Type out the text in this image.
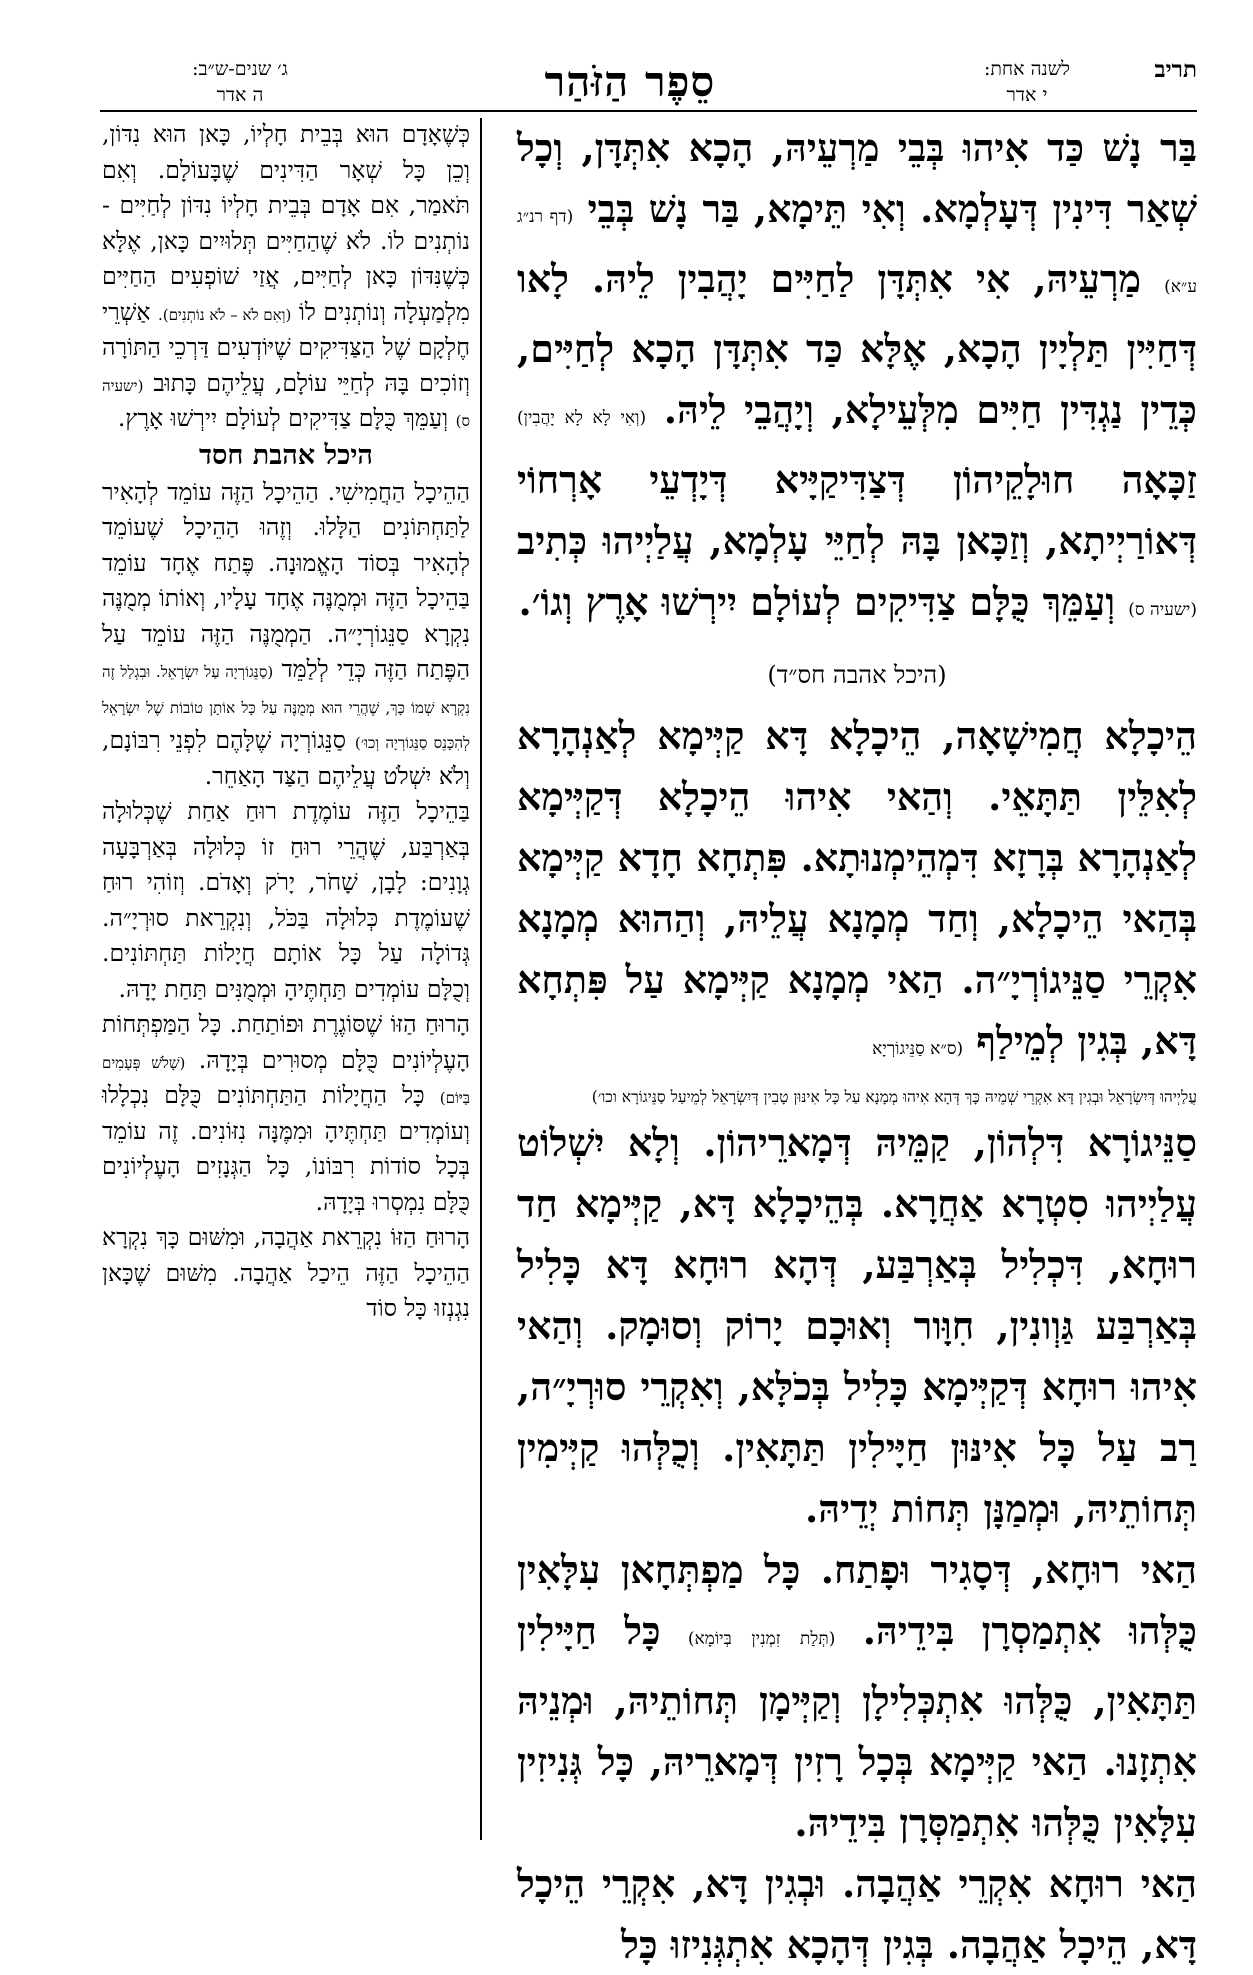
תריב
לשנה אחת:
י אדר
סֵפֶר הַזֹּהַר
ג׳ שנים-ש״ב:
ה אדר

בַּר נָשׁ כַּד אִיהוּ בְּבֵי מַרְעֵיהּ, הָכָא אִתְּדָּן, וְכָל שְׁאַר דִּינִין דְּעָלְמָא. וְאִי תֵּימָא, בַּר נָשׁ בְּבֵי (דף רנ״ג ע״א) מַרְעֵיהּ, אִי אִתְּדָּן לַחַיִּים יָהֲבִין לֵיהּ. לָאו דְּחַיִּין תַּלְיָין הָכָא, אֶלָּא כַּד אִתְּדָּן הָכָא לְחַיִּים, כְּדֵין נַגְדִּין חַיִּים מִלְּעֵילָא, וְיָהֲבֵי לֵיהּ. (וְאִי לָא לָא יָהֲבִין) זַכָּאָה חוּלָקֵיהוֹן דְּצַדִּיקַיָּיא דְּיָדְעֵי אָרְחוֹי דְּאוֹרַיְיתָא, וְזַכָּאן בָּהּ לְחַיֵּי עָלְמָא, עֲלַיְיהוּ כְּתִיב (ישעיה ס) וְעַמֵּךְ כֻּלָּם צַדִּיקִים לְעוֹלָם יִירְשׁוּ אָרֶץ וְגוֹ׳.

(היכל אהבה חס״ד)

הֵיכָלָא חֲמִישָׁאָה, הֵיכָלָא דָּא קַיְּימָא לְאַנְהָרָא לְאִלֵּין תַּתָּאֵי. וְהַאי אִיהוּ הֵיכָלָא דְּקַיְּימָא לְאַנְהָרָא בְּרָזָא דִּמְהֵימְנוּתָא. פִּתְחָא חָדָא קַיְּימָא בְּהַאי הֵיכָלָא, וְחַד מְמָנָא עֲלֵיהּ, וְהַהוּא מְמָנָא אִקְרֵי סַנֵּיגוֹרְיָ״ה. הַאי מְמָנָא קַיְּימָא עַל פִּתְחָא דָּא, בְּגִין לְמֵילַף (ס״א סַנֵּיגוֹרְיָא

עֲלַיְיהוּ דְּיִשְׂרָאֵל וּבְגִין דָּא אִקְרֵי שְׁמֵיהּ כָּךְ דְּהָא אִיהוּ מְמָנָא עַל כָּל אִינּוּן טָבִין דְּיִשְׂרָאֵל לְמֵיעַל סַנֵּיגוֹרָא וכו׳)

סַנֵּיגוֹרָא דִּלְהוֹן, קַמֵּיהּ דְּמָארֵיהוֹן. וְלָא יִשְׁלוֹט עֲלַיְיהוּ סִטְרָא אַחֲרָא. בְּהֵיכָלָא דָּא, קַיְּימָא חַד רוּחָא, דִּכְלִיל בְּאַרְבַּע, דְּהָא רוּחָא דָּא כָּלִיל בְּאַרְבַּע גַּוְונִין, חִוָּור וְאוּכָם יָרוֹק וְסוּמָק. וְהַאי אִיהוּ רוּחָא דְּקַיְּימָא כָּלִיל בְּכֹלָּא, וְאִקְרֵי סוּרְיָ״ה, רַב עַל כָּל אִינּוּן חַיָּילִין תַּתָּאִין. וְכֻלְּהוּ קַיְּימִין תְּחוֹתֵיהּ, וּמְמַנָּן תְּחוֹת יְדֵיהּ.

הַאי רוּחָא, דְּסָגִיר וּפָתַח. כָּל מַפְתְּחָאן עִלָּאִין כֻּלְּהוּ אִתְמַסְרָן בִּידֵיהּ. (תְּלַת זִמְנִין בְּיוֹמָא) כָּל חַיָּילִין תַּתָּאִין, כֻּלְּהוּ אִתְכְּלִילָן וְקַיְּימָן תְּחוֹתֵיהּ, וּמְנֵיהּ אִתְזָנוּ. הַאי קַיְּימָא בְּכָל רָזִין דְּמָארֵיהּ, כָּל גְּנִיזִין עִלָּאִין כֻּלְּהוּ אִתְמַסְּרָן בִּידֵיהּ.

הַאי רוּחָא אִקְרֵי אַהֲבָה. וּבְגִין דָּא, אִקְרֵי הֵיכָל דָּא, הֵיכָל אַהֲבָה. בְּגִין דְּהָכָא אִתְגְּנִיזוּ כָּל

כְּשֶׁאָדָם הוּא בְּבֵית חָלְיוֹ, כָּאן הוּא נִדּוֹן, וְכֵן כָּל שְׁאָר הַדִּינִים שֶׁבָּעוֹלָם. וְאִם תֹּאמַר, אִם אָדָם בְּבֵית חָלְיוֹ נִדּוֹן לְחַיִּים - נוֹתְנִים לוֹ. לֹא שֶׁהַחַיִּים תְּלוּיִים כָּאן, אֶלָּא כְּשֶׁנִּדּוֹן כָּאן לְחַיִּים, אֲזַי שׁוֹפְעִים הַחַיִּים מִלְמַעְלָה וְנוֹתְנִים לוֹ (וְאִם לֹא – לֹא נוֹתְנִים). אַשְׁרֵי חֶלְקָם שֶׁל הַצַּדִּיקִים שֶׁיּוֹדְעִים דַּרְכֵי הַתּוֹרָה וְזוֹכִים בָּהּ לְחַיֵּי עוֹלָם, עֲלֵיהֶם כָּתוּב (ישעיה ס) וְעַמֵּךְ כֻּלָּם צַדִּיקִים לְעוֹלָם יִירְשׁוּ אָרֶץ.

היכל אהבת חסד

הַהֵיכָל הַחֲמִישִׁי. הַהֵיכָל הַזֶּה עוֹמֵד לְהָאִיר לַתַּחְתּוֹנִים הַלָּלוּ. וְזֶהוּ הַהֵיכָל שֶׁעוֹמֵד לְהָאִיר בְּסוֹד הָאֱמוּנָה. פֶּתַח אֶחָד עוֹמֵד בַּהֵיכָל הַזֶּה וּמְמֻנֶּה אֶחָד עָלָיו, וְאוֹתוֹ מְמֻנֶּה נִקְרָא סַנֵּגוֹרְיָ״ה. הַמְמֻנֶּה הַזֶּה עוֹמֵד עַל הַפֶּתַח הַזֶּה כְּדֵי לְלַמֵּד (סַנֵּגוֹרְיָה עַל יִשְׂרָאֵל. וּבִגְלַל זֶה נִקְרָא שְׁמוֹ כָּךְ, שֶׁהֲרֵי הוּא מְמֻנֶּה עַל כָּל אוֹתָן טוֹבוֹת שֶׁל יִשְׂרָאֵל לְהִכָּנֵס סַנֵּגוֹרְיָה וְכוּ׳) סַנֵּגוֹרְיָה שֶׁלָּהֶם לִפְנֵי רִבּוֹנָם, וְלֹא יִשְׁלֹט עֲלֵיהֶם הַצַּד הָאַחֵר.

בַּהֵיכָל הַזֶּה עוֹמֶדֶת רוּחַ אַחַת שֶׁכְּלוּלָה בְּאַרְבַּע, שֶׁהֲרֵי רוּחַ זוֹ כְּלוּלָה בְּאַרְבָּעָה גְוָנִים: לָבָן, שָׁחֹר, יָרֹק וְאָדֹם. וְזוֹהִי רוּחַ שֶׁעוֹמֶדֶת כְּלוּלָה בַּכֹּל, וְנִקְרֵאת סוּרְיָ״ה. גְּדוֹלָה עַל כָּל אוֹתָם חֲיָלוֹת תַּחְתּוֹנִים. וְכֻלָּם עוֹמְדִים תַּחְתֶּיהָ וּמְמֻנִּים תַּחַת יָדָהּ.

הָרוּחַ הַזּוֹ שֶׁסּוֹגֶרֶת וּפוֹתַחַת. כָּל הַמַּפְתְּחוֹת הָעֶלְיוֹנִים כֻּלָּם מְסוּרִים בְּיָדָהּ. (שָׁלֹשׁ פְּעָמִים בַּיּוֹם) כָּל הַחֲיָלוֹת הַתַּחְתּוֹנִים כֻּלָּם נִכְלָלוּ וְעוֹמְדִים תַּחְתֶּיהָ וּמִמֶּנָּה נִזּוֹנִים. זֶה עוֹמֵד בְּכָל סוֹדוֹת רִבּוֹנוֹ, כָּל הַגְּנָזִים הָעֶלְיוֹנִים כֻּלָּם נִמְסְרוּ בְּיָדָהּ.

הָרוּחַ הַזּוֹ נִקְרֵאת אַהֲבָה, וּמִשּׁוּם כָּךְ נִקְרָא הַהֵיכָל הַזֶּה הֵיכַל אַהֲבָה. מִשּׁוּם שֶׁכָּאן נִגְנְזוּ כָּל סוֹד
